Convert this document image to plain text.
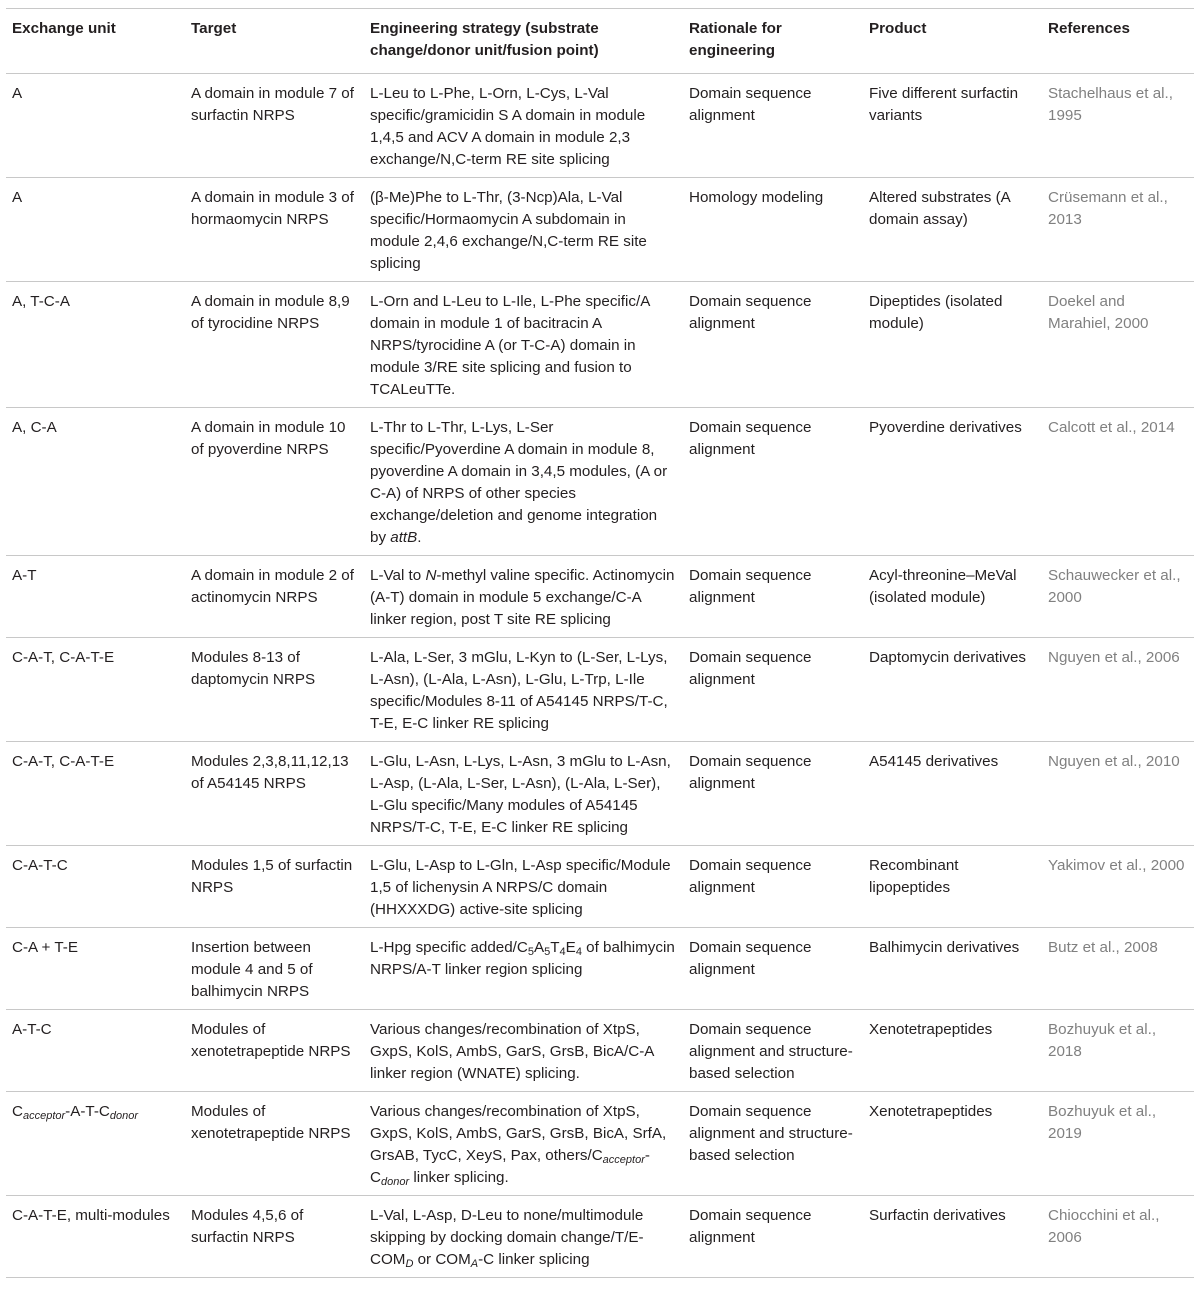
Exchange unit	Target	Engineering strategy (substrate change/donor unit/fusion point)	Rationale for engineering	Product	References
A	A domain in module 7 of surfactin NRPS	L-Leu to L-Phe, L-Orn, L-Cys, L-Val specific/gramicidin S A domain in module 1,4,5 and ACV A domain in module 2,3 exchange/N,C-term RE site splicing	Domain sequence alignment	Five different surfactin variants	Stachelhaus et al., 1995
A	A domain in module 3 of hormaomycin NRPS	(β-Me)Phe to L-Thr, (3-Ncp)Ala, L-Val specific/Hormaomycin A subdomain in module 2,4,6 exchange/N,C-term RE site splicing	Homology modeling	Altered substrates (A domain assay)	Crüsemann et al., 2013
A, T-C-A	A domain in module 8,9 of tyrocidine NRPS	L-Orn and L-Leu to L-Ile, L-Phe specific/A domain in module 1 of bacitracin A NRPS/tyrocidine A (or T-C-A) domain in module 3/RE site splicing and fusion to TCALeuTTe.	Domain sequence alignment	Dipeptides (isolated module)	Doekel and Marahiel, 2000
A, C-A	A domain in module 10 of pyoverdine NRPS	L-Thr to L-Thr, L-Lys, L-Ser specific/Pyoverdine A domain in module 8, pyoverdine A domain in 3,4,5 modules, (A or C-A) of NRPS of other species exchange/deletion and genome integration by attB.	Domain sequence alignment	Pyoverdine derivatives	Calcott et al., 2014
A-T	A domain in module 2 of actinomycin NRPS	L-Val to N-methyl valine specific. Actinomycin (A-T) domain in module 5 exchange/C-A linker region, post T site RE splicing	Domain sequence alignment	Acyl-threonine–MeVal (isolated module)	Schauwecker et al., 2000
C-A-T, C-A-T-E	Modules 8-13 of daptomycin NRPS	L-Ala, L-Ser, 3 mGlu, L-Kyn to (L-Ser, L-Lys, L-Asn), (L-Ala, L-Asn), L-Glu, L-Trp, L-Ile specific/Modules 8-11 of A54145 NRPS/T-C, T-E, E-C linker RE splicing	Domain sequence alignment	Daptomycin derivatives	Nguyen et al., 2006
C-A-T, C-A-T-E	Modules 2,3,8,11,12,13 of A54145 NRPS	L-Glu, L-Asn, L-Lys, L-Asn, 3 mGlu to L-Asn, L-Asp, (L-Ala, L-Ser, L-Asn), (L-Ala, L-Ser), L-Glu specific/Many modules of A54145 NRPS/T-C, T-E, E-C linker RE splicing	Domain sequence alignment	A54145 derivatives	Nguyen et al., 2010
C-A-T-C	Modules 1,5 of surfactin NRPS	L-Glu, L-Asp to L-Gln, L-Asp specific/Module 1,5 of lichenysin A NRPS/C domain (HHXXXDG) active-site splicing	Domain sequence alignment	Recombinant lipopeptides	Yakimov et al., 2000
C-A + T-E	Insertion between module 4 and 5 of balhimycin NRPS	L-Hpg specific added/$C_5A_5T_4E_4$ of balhimycin NRPS/A-T linker region splicing	Domain sequence alignment	Balhimycin derivatives	Butz et al., 2008
A-T-C	Modules of xenotetrapeptide NRPS	Various changes/recombination of XtpS, GxpS, KolS, AmbS, GarS, GrsB, BicA/C-A linker region (WNATE) splicing.	Domain sequence alignment and structure-based selection	Xenotetrapeptides	Bozhuyuk et al., 2018
$C_{acceptor}-A-T-C_{donor}$	Modules of xenotetrapeptide NRPS	Various changes/recombination of XtpS, GxpS, KolS, AmbS, GarS, GrsB, BicA, SrfA, GrsAB, TycC, XeyS, Pax, others/$C_{acceptor}-C_{donor}$ linker splicing.	Domain sequence alignment and structure-based selection	Xenotetrapeptides	Bozhuyuk et al., 2019
C-A-T-E, multi-modules	Modules 4,5,6 of surfactin NRPS	L-Val, L-Asp, D-Leu to none/multimodule skipping by docking domain change/$T/E-COM_D$ or $COM_A-C$ linker splicing	Domain sequence alignment	Surfactin derivatives	Chiocchini et al., 2006
